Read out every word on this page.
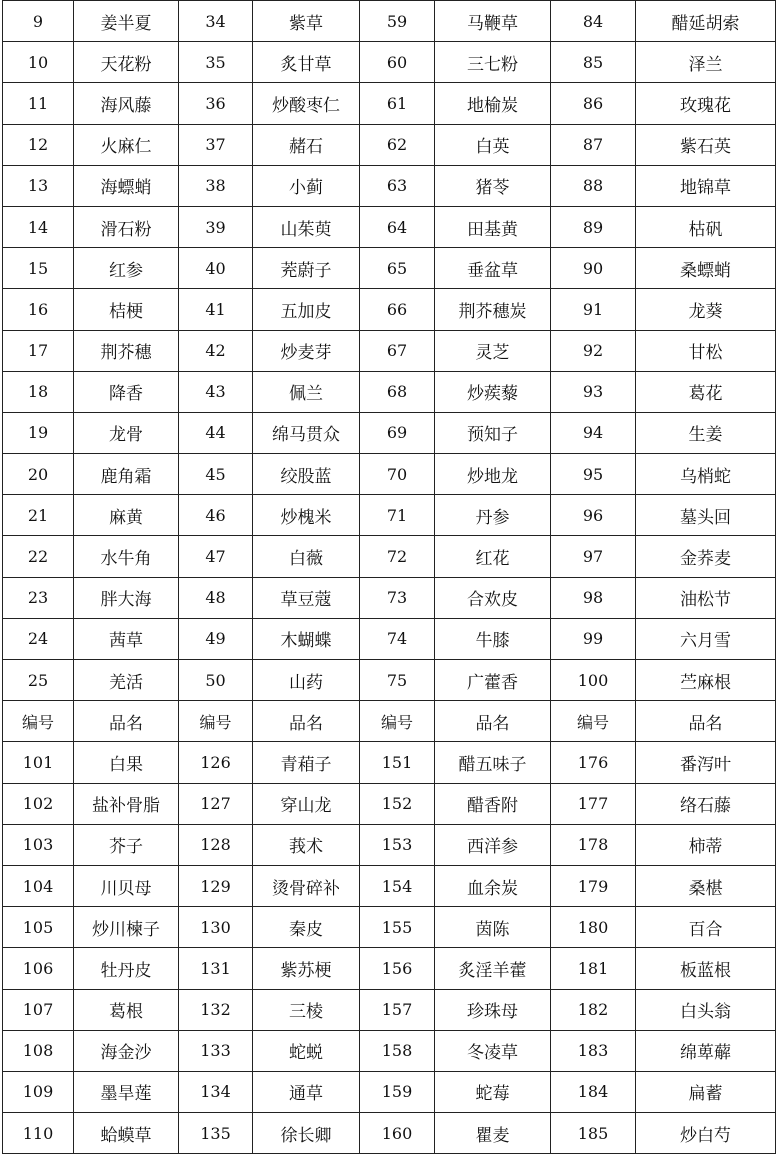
9	姜半夏	34	紫草	59	马鞭草	84	醋延胡索
10	天花粉	35	炙甘草	60	三七粉	85	泽兰
11	海风藤	36	炒酸枣仁	61	地榆炭	86	玫瑰花
12	火麻仁	37	赭石	62	白英	87	紫石英
13	海螵蛸	38	小蓟	63	猪苓	88	地锦草
14	滑石粉	39	山茱萸	64	田基黄	89	枯矾
15	红参	40	茺蔚子	65	垂盆草	90	桑螵蛸
16	桔梗	41	五加皮	66	荆芥穗炭	91	龙葵
17	荆芥穗	42	炒麦芽	67	灵芝	92	甘松
18	降香	43	佩兰	68	炒蒺藜	93	葛花
19	龙骨	44	绵马贯众	69	预知子	94	生姜
20	鹿角霜	45	绞股蓝	70	炒地龙	95	乌梢蛇
21	麻黄	46	炒槐米	71	丹参	96	墓头回
22	水牛角	47	白薇	72	红花	97	金荞麦
23	胖大海	48	草豆蔻	73	合欢皮	98	油松节
24	茜草	49	木蝴蝶	74	牛膝	99	六月雪
25	羌活	50	山药	75	广藿香	100	苎麻根
编号	品名	编号	品名	编号	品名	编号	品名
101	白果	126	青葙子	151	醋五味子	176	番泻叶
102	盐补骨脂	127	穿山龙	152	醋香附	177	络石藤
103	芥子	128	莪术	153	西洋参	178	柿蒂
104	川贝母	129	烫骨碎补	154	血余炭	179	桑椹
105	炒川楝子	130	秦皮	155	茵陈	180	百合
106	牡丹皮	131	紫苏梗	156	炙淫羊藿	181	板蓝根
107	葛根	132	三棱	157	珍珠母	182	白头翁
108	海金沙	133	蛇蜕	158	冬凌草	183	绵萆薢
109	墨旱莲	134	通草	159	蛇莓	184	扁蓄
110	蛤蟆草	135	徐长卿	160	瞿麦	185	炒白芍
